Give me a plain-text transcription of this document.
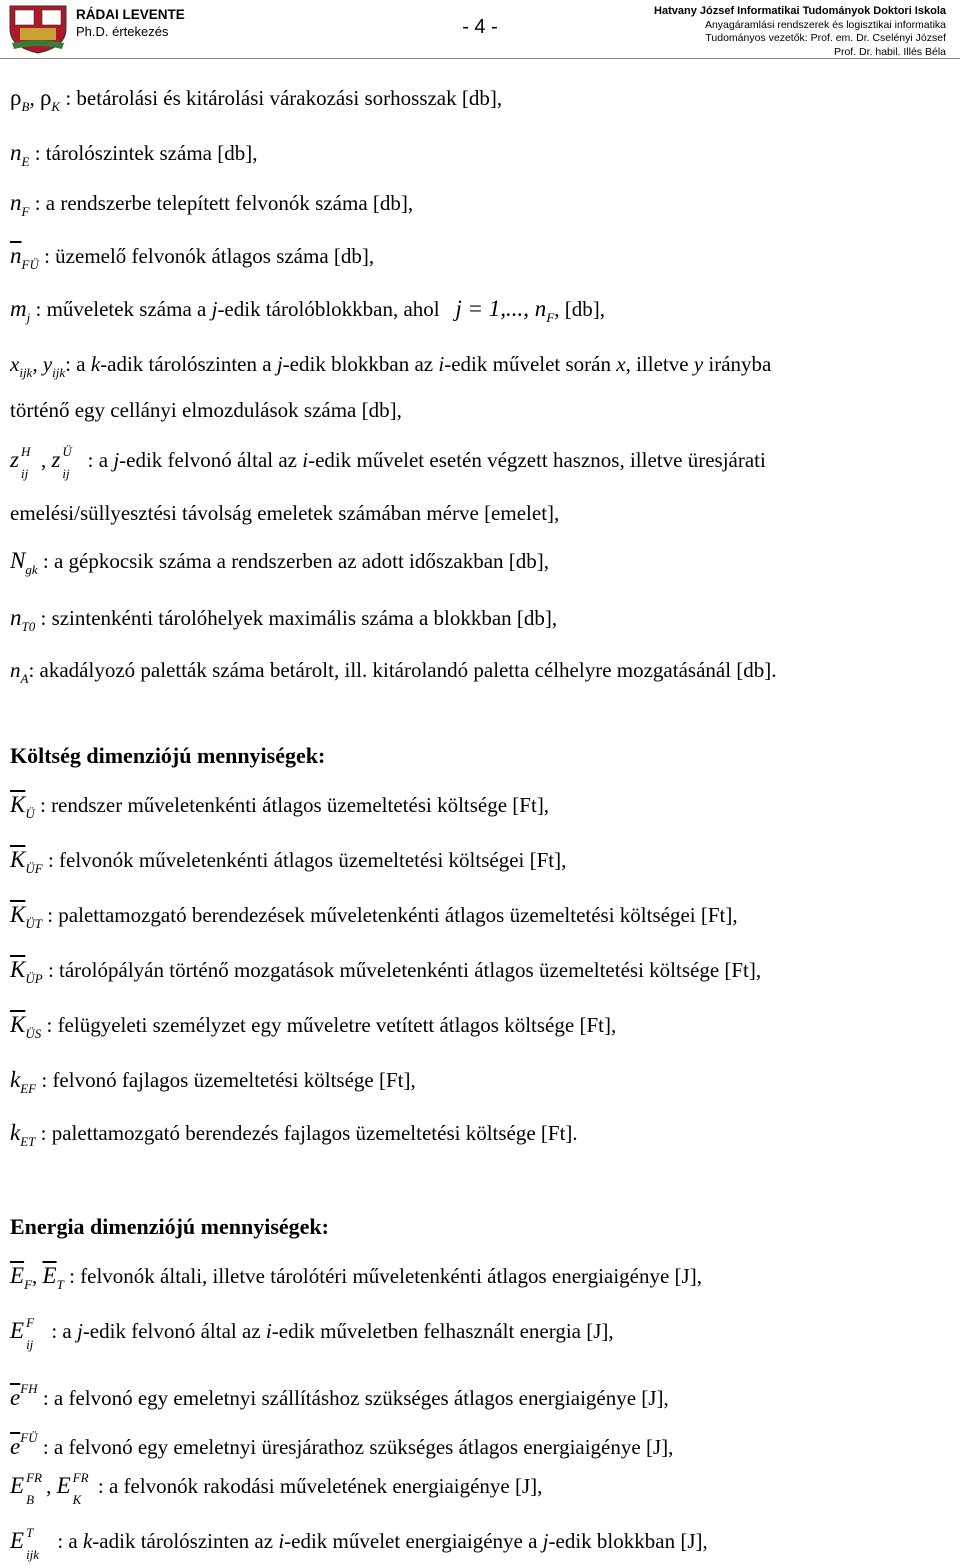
RÁDAI LEVENTE
Ph.D. értekezés	- 4 -
Hatvany József Informatikai Tudományok Doktori Iskola
Anyagáramlási rendszerek és logisztikai informatika
Tudományos vezetők: Prof. em. Dr. Cselényi József
Prof. Dr. habil. Illés Béla
$\rho_B$, $\rho_K$ : betárolási és kitárolási várakozási sorhosszak [db],
$n_E$ : tárolószintek száma [db],
$n_F$ : a rendszerbe telepített felvonók száma [db],
$\overline{n}_{FÜ}$ : üzemelő felvonók átlagos száma [db],
$m_j$ : műveletek száma a j-edik tárolóblokkban, ahol j = 1,..., $n_F$, [db],
$x_{ijk}$, $y_{ijk}$: a k-adik tárolószinten a j-edik blokkban az i-edik művelet során x, illetve y irányba
történő egy cellányi elmozdulások száma [db],
z H
ij
, z Ü
ij
: a j-edik felvonó által az i-edik művelet esetén végzett hasznos, illetve üresjárati
emelési/süllyesztési távolság emeletek számában mérve [emelet],
$N_{gk}$ : a gépkocsik száma a rendszerben az adott időszakban [db],
$n_{T0}$ : szintenkénti tárolóhelyek maximális száma a blokkban [db],
$n_A$: akadályozó paletták száma betárolt, ill. kitárolandó paletta célhelyre mozgatásánál [db].
Költség dimenziójú mennyiségek:
$\overline{K}_Ü$ : rendszer műveletenkénti átlagos üzemeltetési költsége [Ft],
$\overline{K}_{ÜF}$ : felvonók műveletenkénti átlagos üzemeltetési költségei [Ft],
$\overline{K}_{ÜT}$ : palettamozgató berendezések műveletenkénti átlagos üzemeltetési költségei [Ft],
$\overline{K}_{ÜP}$ : tárolópályán történő mozgatások műveletenkénti átlagos üzemeltetési költsége [Ft],
$\overline{K}_{ÜS}$ : felügyeleti személyzet egy műveletre vetített átlagos költsége [Ft],
$k_{EF}$ : felvonó fajlagos üzemeltetési költsége [Ft],
$k_{ET}$ : palettamozgató berendezés fajlagos üzemeltetési költsége [Ft].
Energia dimenziójú mennyiségek:
$\overline{E}_F$, $\overline{E}_T$ : felvonók általi, illetve tárolótéri műveletenkénti átlagos energiaigénye [J],
E F
ij
: a j-edik felvonó által az i-edik műveletben felhasznált energia [J],
$\overline{e}^{FH}$ : a felvonó egy emeletnyi szállításhoz szükséges átlagos energiaigénye [J],
$\overline{e}^{FÜ}$ : a felvonó egy emeletnyi üresjárathoz szükséges átlagos energiaigénye [J],
E FR
B
, E FR
K
: a felvonók rakodási műveletének energiaigénye [J],
E T
ijk
: a k-adik tárolószinten az i-edik művelet energiaigénye a j-edik blokkban [J],
